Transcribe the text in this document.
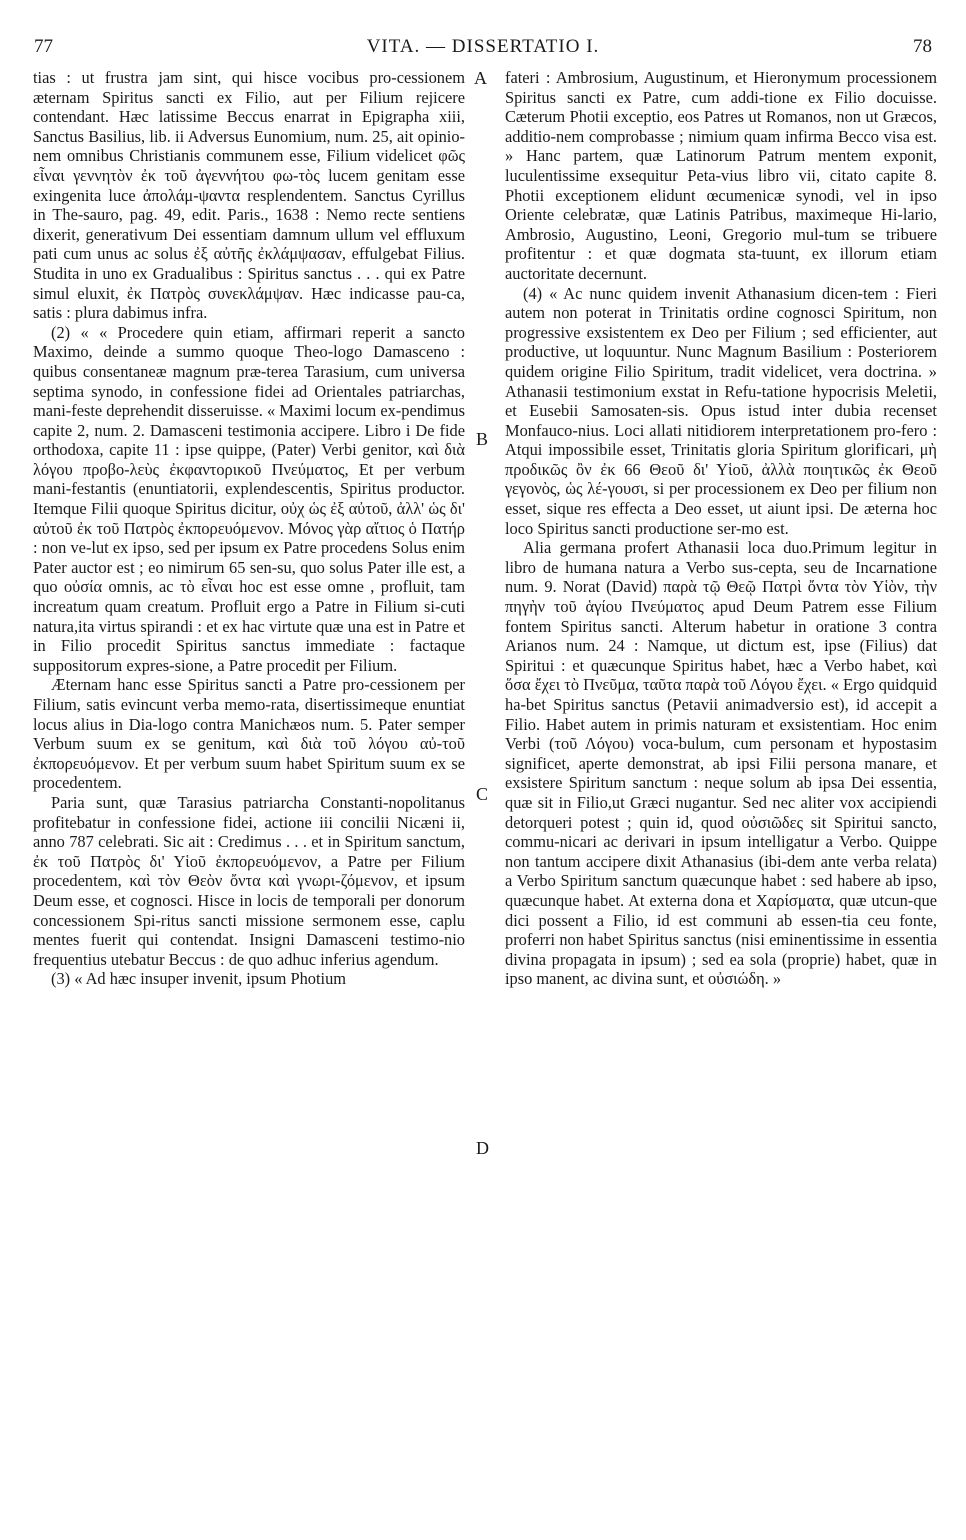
77	VITA. — DISSERTATIO I.	78
A
B
C
D

tias : ut frustra jam sint, qui hisce vocibus pro-cessionem æternam Spiritus sancti ex Filio, aut per Filium rejicere contendant. Hæc latissime Beccus enarrat in Epigrapha xiii, Sanctus Basilius, lib. ii Adversus Eunomium, num. 25, ait opinio-nem omnibus Christianis communem esse, Filium videlicet φῶς εἶναι γεννητὸν ἐκ τοῦ ἀγεννήτου φω-τὸς lucem genitam esse exingenita luce ἀπολάμ-ψαντα resplendentem. Sanctus Cyrillus in The-sauro, pag. 49, edit. Paris., 1638 : Nemo recte sentiens dixerit, generativum Dei essentiam damnum ullum vel effluxum pati cum unus ac solus ἐξ αὐτῆς ἐκλάμψασαν, effulgebat Filius. Studita in uno ex Gradualibus : Spiritus sanctus . . . qui ex Patre simul eluxit, ἐκ Πατρὸς συνεκλάμψαν. Hæc indicasse pau-ca, satis : plura dabimus infra.

(2) « « Procedere quin etiam, affirmari reperit a sancto Maximo, deinde a summo quoque Theo-logo Damasceno : quibus consentaneæ magnum præ-terea Tarasium, cum universa septima synodo, in confessione fidei ad Orientales patriarchas, mani-feste deprehendit disseruisse. « Maximi locum ex-pendimus capite 2, num. 2. Damasceni testimonia accipere. Libro i De fide orthodoxa, capite 11 : ipse quippe, (Pater) Verbi genitor, καὶ διὰ λόγου προβο-λεὺς ἐκφαντορικοῦ Πνεύματος, Et per verbum mani-festantis (enuntiatorii, explendescentis, Spiritus productor. Itemque Filii quoque Spiritus dicitur, οὐχ ὡς ἐξ αὐτοῦ, ἀλλ' ὡς δι' αὐτοῦ ἐκ τοῦ Πατρὸς ἐκπορευόμενον. Μόνος γὰρ αἴτιος ὁ Πατήρ : non ve-lut ex ipso, sed per ipsum ex Patre procedens Solus enim Pater auctor est ; eo nimirum 65 sen-su, quo solus Pater ille est, a quo οὐσία omnis, ac τὸ εἶναι hoc est esse omne , profluit, tam increatum quam creatum. Profluit ergo a Patre in Filium si-cuti natura,ita virtus spirandi : et ex hac virtute quæ una est in Patre et in Filio procedit Spiritus sanctus immediate : factaque suppositorum expres-sione, a Patre procedit per Filium.

Æternam hanc esse Spiritus sancti a Patre pro-cessionem per Filium, satis evincunt verba memo-rata, disertissimeque enuntiat locus alius in Dia-logo contra Manichæos num. 5. Pater semper Verbum suum ex se genitum, καὶ διὰ τοῦ λόγου αὐ-τοῦ ἐκπορευόμενον. Et per verbum suum habet Spiritum suum ex se procedentem.

Paria sunt, quæ Tarasius patriarcha Constanti-nopolitanus profitebatur in confessione fidei, actione iii concilii Nicæni ii, anno 787 celebrati. Sic ait : Credimus . . . et in Spiritum sanctum, ἐκ τοῦ Πατρὸς δι' Υἱοῦ ἐκπορευόμενον, a Patre per Filium procedentem, καὶ τὸν Θεὸν ὄντα καὶ γνωρι-ζόμενον, et ipsum Deum esse, et cognosci. Hisce in locis de temporali per donorum concessionem Spi-ritus sancti missione sermonem esse, caplu mentes fuerit qui contendat. Insigni Damasceni testimo-nio frequentius utebatur Beccus : de quo adhuc inferius agendum.

(3) « Ad hæc insuper invenit, ipsum Photium

fateri : Ambrosium, Augustinum, et Hieronymum processionem Spiritus sancti ex Patre, cum addi-tione ex Filio docuisse. Cæterum Photii exceptio, eos Patres ut Romanos, non ut Græcos, additio-nem comprobasse ; nimium quam infirma Becco visa est. » Hanc partem, quæ Latinorum Patrum mentem exponit, luculentissime exsequitur Peta-vius libro vii, citato capite 8. Photii exceptionem elidunt œcumenicæ synodi, vel in ipso Oriente celebratæ, quæ Latinis Patribus, maximeque Hi-lario, Ambrosio, Augustino, Leoni, Gregorio mul-tum se tribuere profitentur : et quæ dogmata sta-tuunt, ex illorum etiam auctoritate decernunt.

(4) « Ac nunc quidem invenit Athanasium dicen-tem : Fieri autem non poterat in Trinitatis ordine cognosci Spiritum, non progressive exsistentem ex Deo per Filium ; sed efficienter, aut productive, ut loquuntur. Nunc Magnum Basilium : Posteriorem quidem origine Filio Spiritum, tradit videlicet, vera doctrina. » Athanasii testimonium exstat in Refu-tatione hypocrisis Meletii, et Eusebii Samosaten-sis. Opus istud inter dubia recenset Monfauco-nius. Loci allati nitidiorem interpretationem pro-fero : Atqui impossibile esset, Trinitatis gloria Spiritum glorificari, μὴ προδικῶς ὂν ἐκ 66 Θεοῦ δι' Υἱοῦ, ἀλλὰ ποιητικῶς ἐκ Θεοῦ γεγονὸς, ὡς λέ-γουσι, si per processionem ex Deo per filium non esset, sique res effecta a Deo esset, ut aiunt ipsi. De æterna hoc loco Spiritus sancti productione ser-mo est.

Alia germana profert Athanasii loca duo.Primum legitur in libro de humana natura a Verbo sus-cepta, seu de Incarnatione num. 9. Norat (David) παρὰ τῷ Θεῷ Πατρὶ ὄντα τὸν Υἱὸν, τὴν πηγὴν τοῦ ἁγίου Πνεύματος apud Deum Patrem esse Filium fontem Spiritus sancti. Alterum habetur in oratione 3 contra Arianos num. 24 : Namque, ut dictum est, ipse (Filius) dat Spiritui : et quæcunque Spiritus habet, hæc a Verbo habet, καὶ ὅσα ἔχει τὸ Πνεῦμα, ταῦτα παρὰ τοῦ Λόγου ἔχει. « Ergo quidquid ha-bet Spiritus sanctus (Petavii animadversio est), id accepit a Filio. Habet autem in primis naturam et exsistentiam. Hoc enim Verbi (τοῦ Λόγου) voca-bulum, cum personam et hypostasim significet, aperte demonstrat, ab ipsi Filii persona manare, et exsistere Spiritum sanctum : neque solum ab ipsa Dei essentia, quæ sit in Filio,ut Græci nugantur. Sed nec aliter vox accipiendi detorqueri potest ; quin id, quod οὐσιῶδες sit Spiritui sancto, commu-nicari ac derivari in ipsum intelligatur a Verbo. Quippe non tantum accipere dixit Athanasius (ibi-dem ante verba relata) a Verbo Spiritum sanctum quæcunque habet : sed habere ab ipso, quæcunque habet. At externa dona et Χαρίσματα, quæ utcun-que dici possent a Filio, id est communi ab essen-tia ceu fonte, proferri non habet Spiritus sanctus (nisi eminentissime in essentia divina propagata in ipsum) ; sed ea sola (proprie) habet, quæ in ipso manent, ac divina sunt, et οὐσιώδη. »
